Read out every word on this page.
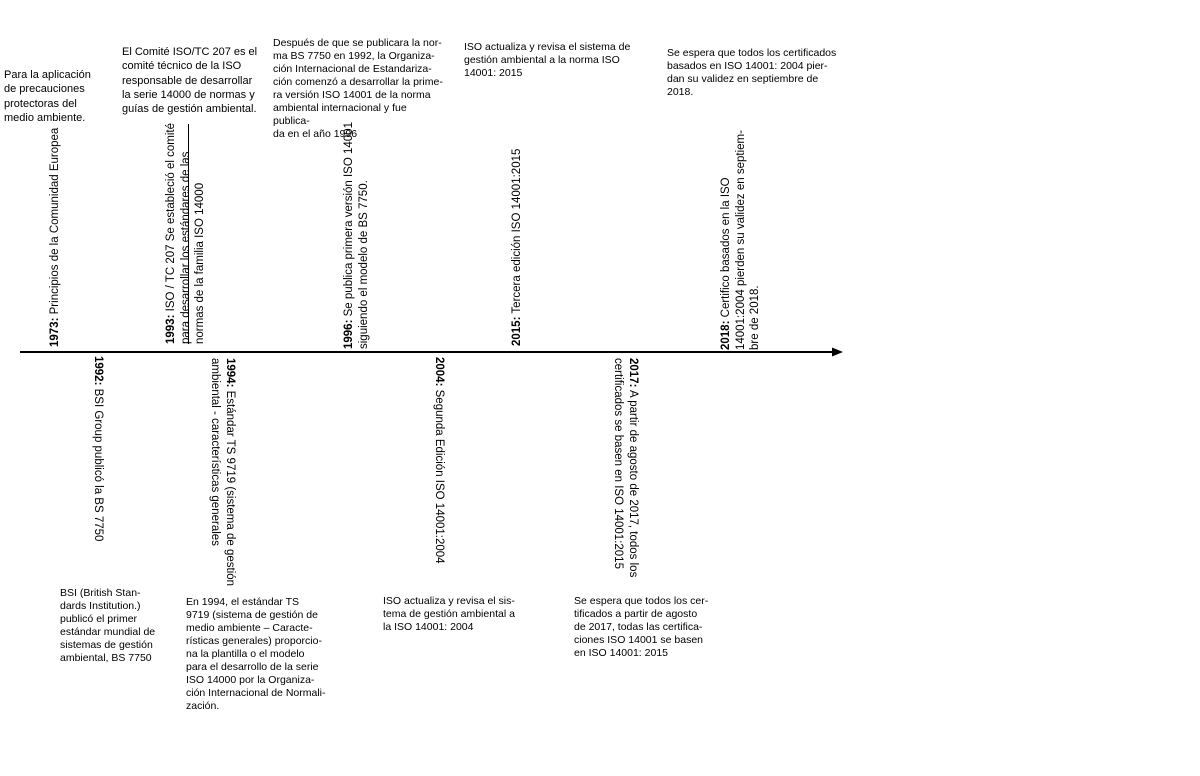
Para la aplicación
de precauciones
protectoras del
medio ambiente.

El Comité ISO/TC 207 es el
comité técnico de la ISO
responsable de desarrollar
la serie 14000 de normas y
guías de gestión ambiental.

Después de que se publicara la nor-
ma BS 7750 en 1992, la Organiza-
ción Internacional de Estandariza-
ción comenzó a desarrollar la prime-
ra versión ISO 14001 de la norma
ambiental internacional y fue publica-
da en el año 1996

ISO actualiza y revisa el sistema de
gestión ambiental a la norma ISO
14001: 2015

Se espera que todos los certificados
basados en ISO 14001: 2004 pier-
dan su validez en septiembre de
2018.

BSI (British Stan-
dards Institution.)
publicó el primer
estándar mundial de
sistemas de gestión
ambiental, BS 7750

En 1994, el estándar TS
9719 (sistema de gestión de
medio ambiente – Caracte-
rísticas generales) proporcio-
na la plantilla o el modelo
para el desarrollo de la serie
ISO 14000 por la Organiza-
ción Internacional de Normali-
zación.

ISO actualiza y revisa el sis-
tema de gestión ambiental a
la ISO 14001: 2004

Se espera que todos los cer-
tificados a partir de agosto
de 2017, todas las certifica-
ciones ISO 14001 se basen
en ISO 14001: 2015

1973: Principios de la Comunidad Europea

1993: ISO / TC 207 Se estableció el comité
para desarrollar los estándares de las
normas de la familia ISO 14000

1996: Se publica primera versión ISO 14001
siguiendo el modelo de BS 7750.

2015: Tercera edición ISO 14001:2015

2018: Certifico basados en la ISO
14001:2004 pierden su validez en septiem-
bre de 2018.

1992: BSI Group publicó la BS 7750

1994: Estándar TS 9719 (sistema de gestión
ambiental - características generales

2004: Segunda Edición ISO 14001:2004

2017: A partir de agosto de 2017, todos los
certificados se basen en ISO 14001:2015
